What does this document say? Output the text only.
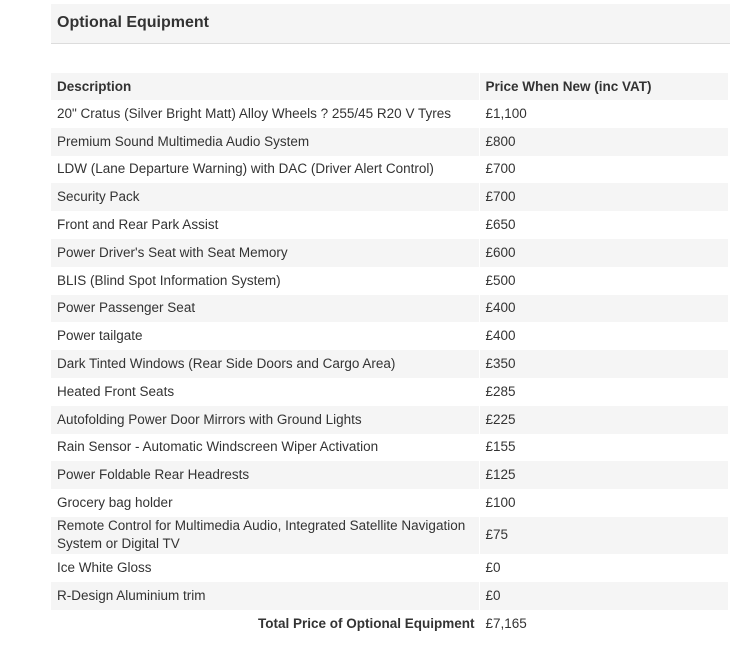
Optional Equipment
Description	Price When New (inc VAT)
20" Cratus (Silver Bright Matt) Alloy Wheels ? 255/45 R20 V Tyres	£1,100
Premium Sound Multimedia Audio System	£800
LDW (Lane Departure Warning) with DAC (Driver Alert Control)	£700
Security Pack	£700
Front and Rear Park Assist	£650
Power Driver's Seat with Seat Memory	£600
BLIS (Blind Spot Information System)	£500
Power Passenger Seat	£400
Power tailgate	£400
Dark Tinted Windows (Rear Side Doors and Cargo Area)	£350
Heated Front Seats	£285
Autofolding Power Door Mirrors with Ground Lights	£225
Rain Sensor - Automatic Windscreen Wiper Activation	£155
Power Foldable Rear Headrests	£125
Grocery bag holder	£100
Remote Control for Multimedia Audio, Integrated Satellite Navigation System or Digital TV	£75
Ice White Gloss	£0
R-Design Aluminium trim	£0
Total Price of Optional Equipment	£7,165
